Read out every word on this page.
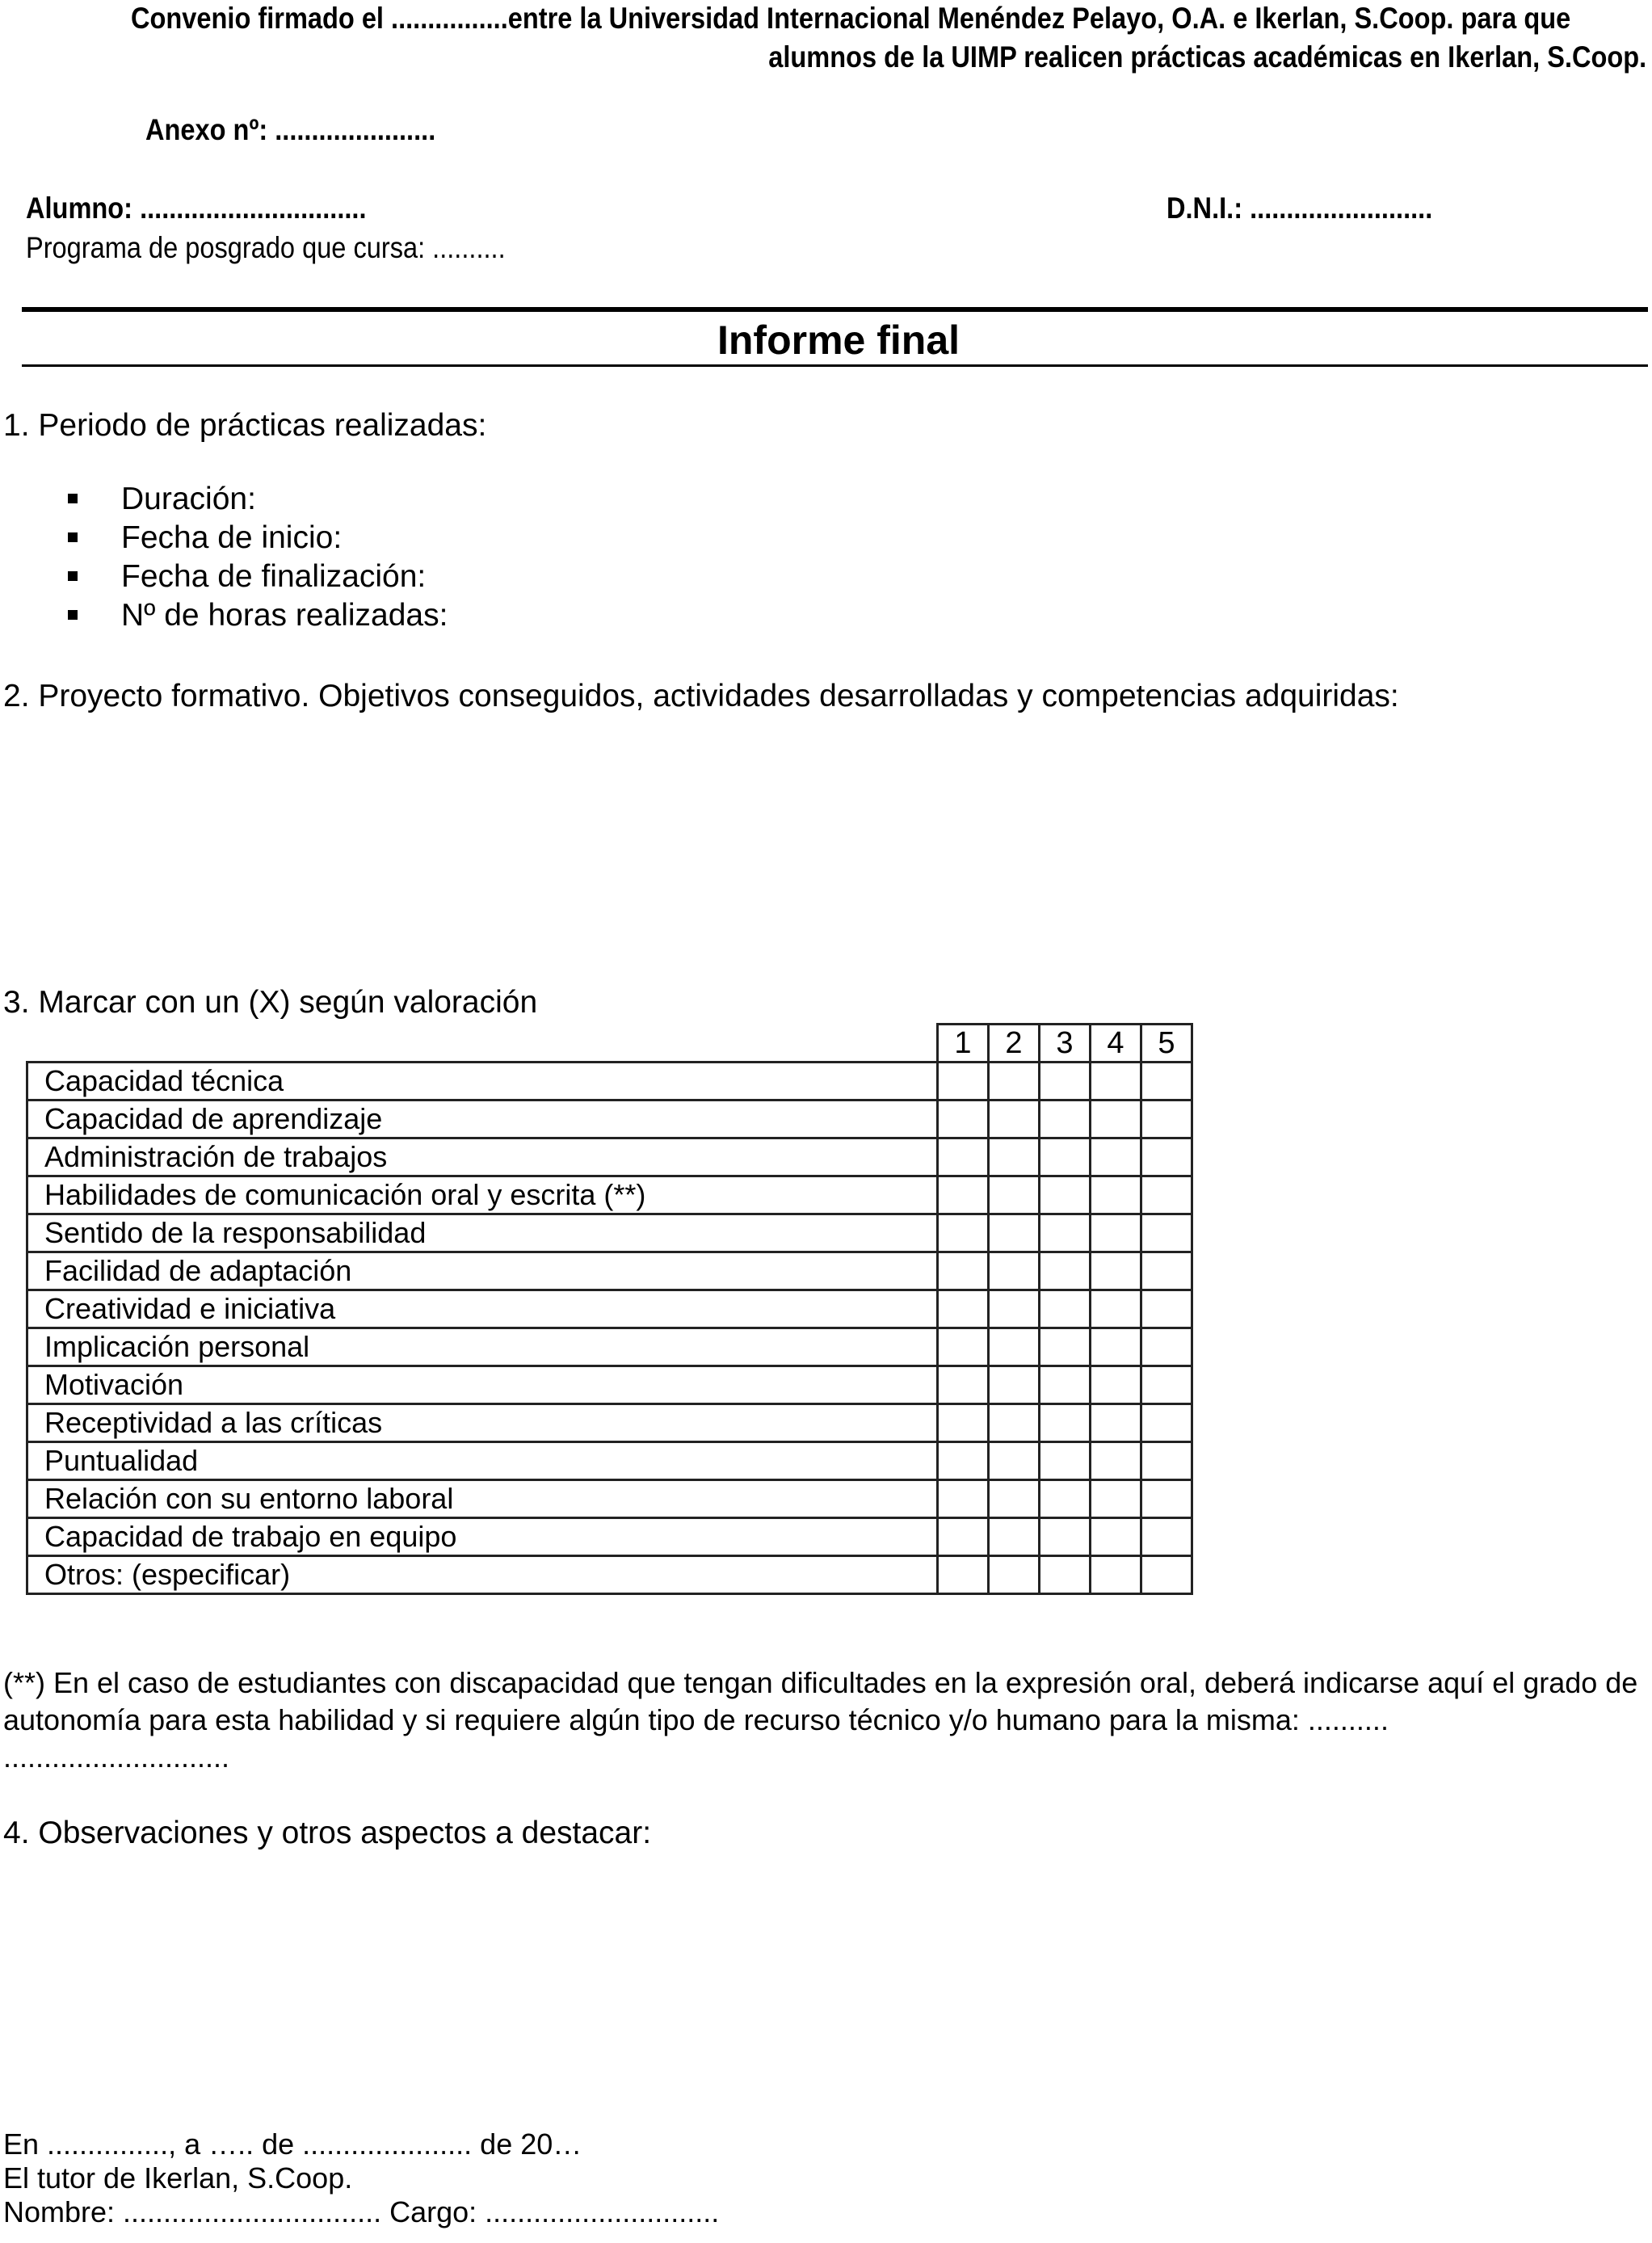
Convenio firmado el ................entre la Universidad Internacional Menéndez Pelayo, O.A. e Ikerlan, S.Coop. para que
alumnos de la UIMP realicen prácticas académicas en Ikerlan, S.Coop.
Anexo nº: ......................
Alumno: ...............................	D.N.I.: .........................
Programa de posgrado que cursa: ..........
Informe final
1. Periodo de prácticas realizadas:
Duración:
Fecha de inicio:
Fecha de finalización:
Nº de horas realizadas:
2. Proyecto formativo. Objetivos conseguidos, actividades desarrolladas y competencias adquiridas:
3. Marcar con un (X) según valoración
	1	2	3	4	5
Capacidad técnica					
Capacidad de aprendizaje					
Administración de trabajos					
Habilidades de comunicación oral y escrita (**)					
Sentido de la responsabilidad					
Facilidad de adaptación					
Creatividad e iniciativa					
Implicación personal					
Motivación					
Receptividad a las críticas					
Puntualidad					
Relación con su entorno laboral					
Capacidad de trabajo en equipo					
Otros: (especificar)					
(**) En el caso de estudiantes con discapacidad que tengan dificultades en la expresión oral, deberá indicarse aquí el grado de autonomía para esta habilidad y si requiere algún tipo de recurso técnico y/o humano para la misma: ..........
............................
4. Observaciones y otros aspectos a destacar:
En ..............., a ….. de ..................... de 20…
El tutor de Ikerlan, S.Coop.
Nombre: ................................ Cargo: .............................
